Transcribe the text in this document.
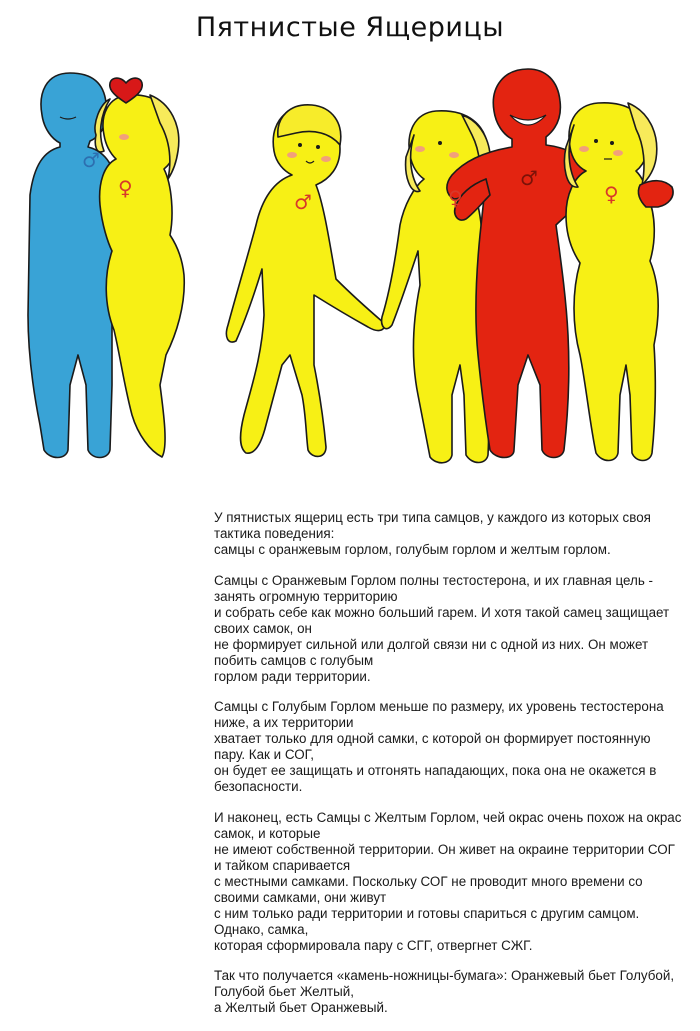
Пятнистые Ящерицы
♂
♀
♂	♀
♂
♀

У пятнистых ящериц есть три типа самцов, у каждого из которых своя тактика поведения:
самцы с оранжевым горлом, голубым горлом и желтым горлом.

Самцы с Оранжевым Горлом полны тестостерона, и их главная цель - занять огромную территорию
и собрать себе как можно больший гарем. И хотя такой самец защищает своих самок, он
не формирует сильной или долгой связи ни с одной из них. Он может побить самцов с голубым
горлом ради территории.

Самцы с Голубым Горлом меньше по размеру, их уровень тестостерона ниже, а их территории
хватает только для одной самки, с которой он формирует постоянную пару. Как и СОГ,
он будет ее защищать и отгонять нападающих, пока она не окажется в безопасности.

И наконец, есть Самцы с Желтым Горлом, чей окрас очень похож на окрас самок, и которые
не имеют собственной территории. Он живет на окраине территории СОГ и тайком спаривается
с местными самками. Поскольку СОГ не проводит много времени со своими самками, они живут
с ним только ради территории и готовы спариться с другим самцом. Однако, самка,
которая сформировала пару с СГГ, отвергнет СЖГ.

Так что получается «камень-ножницы-бумага»: Оранжевый бьет Голубой, Голубой бьет Желтый,
а Желтый бьет Оранжевый.
